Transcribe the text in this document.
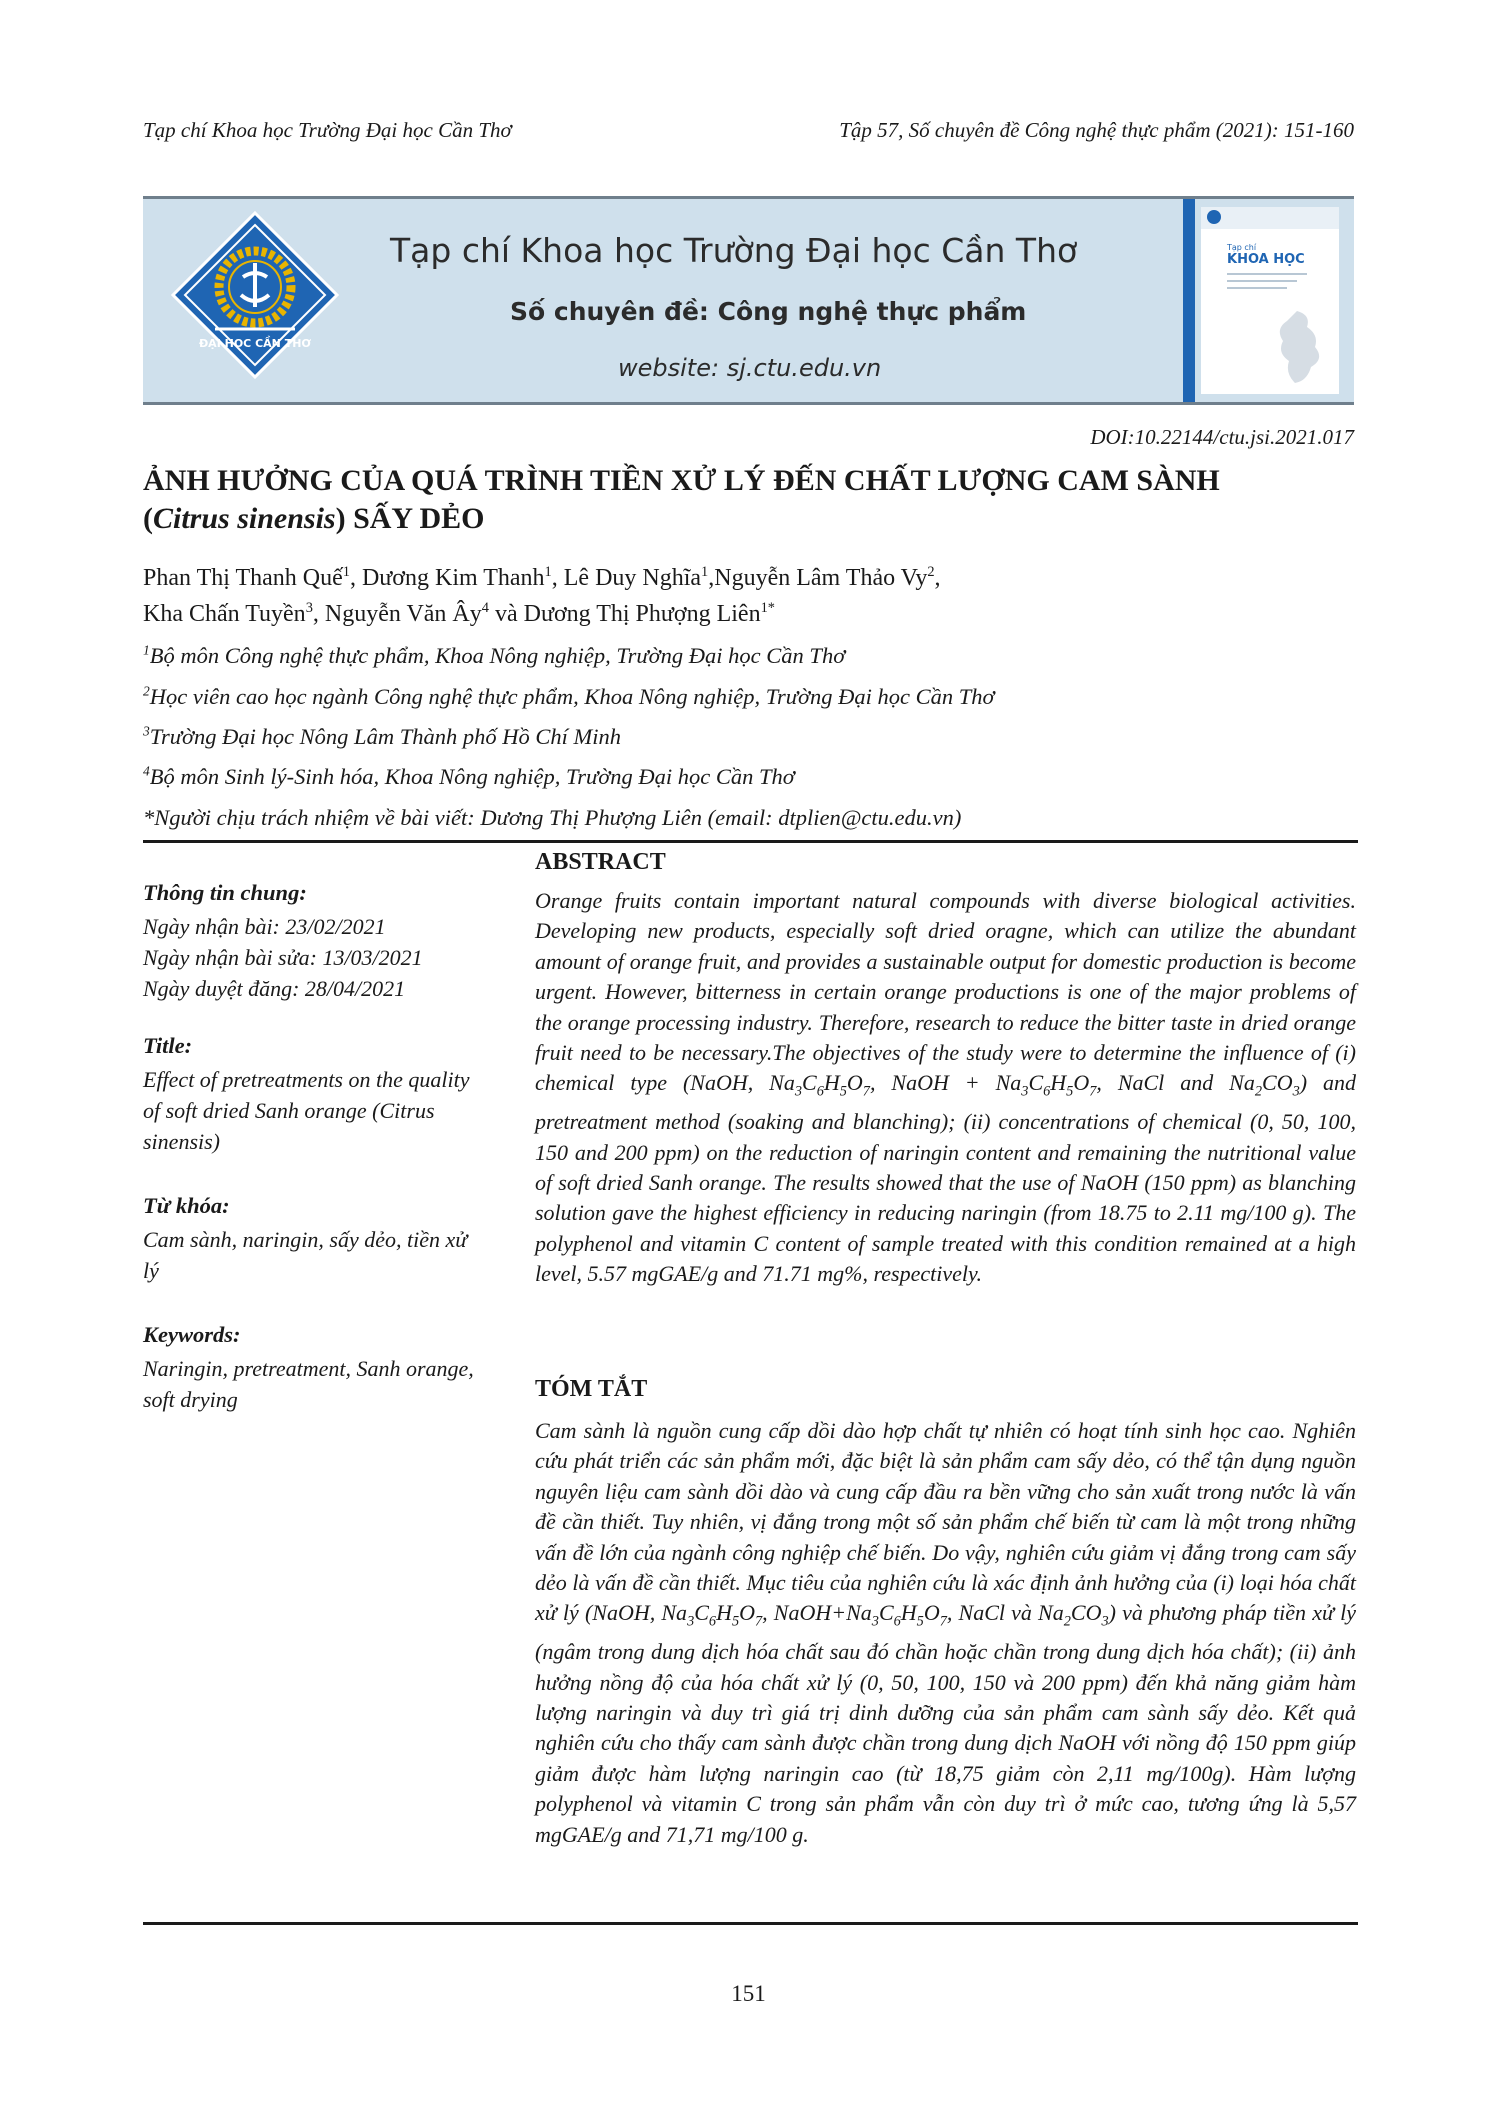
Tạp chí Khoa học Trường Đại học Cần Thơ	Tập 57, Số chuyên đề Công nghệ thực phẩm (2021): 151-160
ĐẠI HỌC CẦN THƠ
Tạp chí Khoa học Trường Đại học Cần Thơ
Số chuyên đề: Công nghệ thực phẩm
website: sj.ctu.edu.vn
Tạp chí
KHOA HỌC
DOI:10.22144/ctu.jsi.2021.017
ẢNH HƯỞNG CỦA QUÁ TRÌNH TIỀN XỬ LÝ ĐẾN CHẤT LƯỢNG CAM SÀNH
(Citrus sinensis) SẤY DẺO
Phan Thị Thanh Quế$^1$, Dương Kim Thanh$^1$, Lê Duy Nghĩa$^1$,Nguyễn Lâm Thảo Vy$^2$,
Kha Chấn Tuyền$^3$, Nguyễn Văn $Ây^4$ và Dương Thị Phượng Liên$^{1*}$
$^1$Bộ môn Công nghệ thực phẩm, Khoa Nông nghiệp, Trường Đại học Cần Thơ
$^2$Học viên cao học ngành Công nghệ thực phẩm, Khoa Nông nghiệp, Trường Đại học Cần Thơ
$^3$Trường Đại học Nông Lâm Thành phố Hồ Chí Minh
$^4$Bộ môn Sinh lý-Sinh hóa, Khoa Nông nghiệp, Trường Đại học Cần Thơ
*Người chịu trách nhiệm về bài viết: Dương Thị Phượng Liên (email: dtplien@ctu.edu.vn)
Thông tin chung:
Ngày nhận bài: 23/02/2021
Ngày nhận bài sửa: 13/03/2021
Ngày duyệt đăng: 28/04/2021
Title:
Effect of pretreatments on the quality of soft dried Sanh orange (Citrus sinensis)
Từ khóa:
Cam sành, naringin, sấy dẻo, tiền xử lý
Keywords:
Naringin, pretreatment, Sanh orange, soft drying
ABSTRACT

Orange fruits contain important natural compounds with diverse biological activities. Developing new products, especially soft dried oragne, which can utilize the abundant amount of orange fruit, and provides a sustainable output for domestic production is become urgent. However, bitterness in certain orange productions is one of the major problems of the orange processing industry. Therefore, research to reduce the bitter taste in dried orange fruit need to be necessary.The objectives of the study were to determine the influence of (i) chemical type (NaOH, $Na_3C_6H_5O_7$, NaOH + $Na_3C_6H_5O_7$, NaCl and $Na_2CO_3$) and pretreatment method (soaking and blanching); (ii) concentrations of chemical (0, 50, 100, 150 and 200 ppm) on the reduction of naringin content and remaining the nutritional value of soft dried Sanh orange. The results showed that the use of NaOH (150 ppm) as blanching solution gave the highest efficiency in reducing naringin (from 18.75 to 2.11 mg/100 g). The polyphenol and vitamin C content of sample treated with this condition remained at a high level, 5.57 mgGAE/g and 71.71 mg%, respectively.

TÓM TẮT

Cam sành là nguồn cung cấp dồi dào hợp chất tự nhiên có hoạt tính sinh học cao. Nghiên cứu phát triển các sản phẩm mới, đặc biệt là sản phẩm cam sấy dẻo, có thể tận dụng nguồn nguyên liệu cam sành dồi dào và cung cấp đầu ra bền vững cho sản xuất trong nước là vấn đề cần thiết. Tuy nhiên, vị đắng trong một số sản phẩm chế biến từ cam là một trong những vấn đề lớn của ngành công nghiệp chế biến. Do vậy, nghiên cứu giảm vị đắng trong cam sấy dẻo là vấn đề cần thiết. Mục tiêu của nghiên cứu là xác định ảnh hưởng của (i) loại hóa chất xử lý (NaOH, $Na_3C_6H_5O_7$, $NaOH+Na_3C_6H_5O_7$, NaCl và $Na_2CO_3$) và phương pháp tiền xử lý (ngâm trong dung dịch hóa chất sau đó chần hoặc chần trong dung dịch hóa chất); (ii) ảnh hưởng nồng độ của hóa chất xử lý (0, 50, 100, 150 và 200 ppm) đến khả năng giảm hàm lượng naringin và duy trì giá trị dinh dưỡng của sản phẩm cam sành sấy dẻo. Kết quả nghiên cứu cho thấy cam sành được chần trong dung dịch NaOH với nồng độ 150 ppm giúp giảm được hàm lượng naringin cao (từ 18,75 giảm còn 2,11 mg/100g). Hàm lượng polyphenol và vitamin C trong sản phẩm vẫn còn duy trì ở mức cao, tương ứng là 5,57 mgGAE/g and 71,71 mg/100 g.

151
